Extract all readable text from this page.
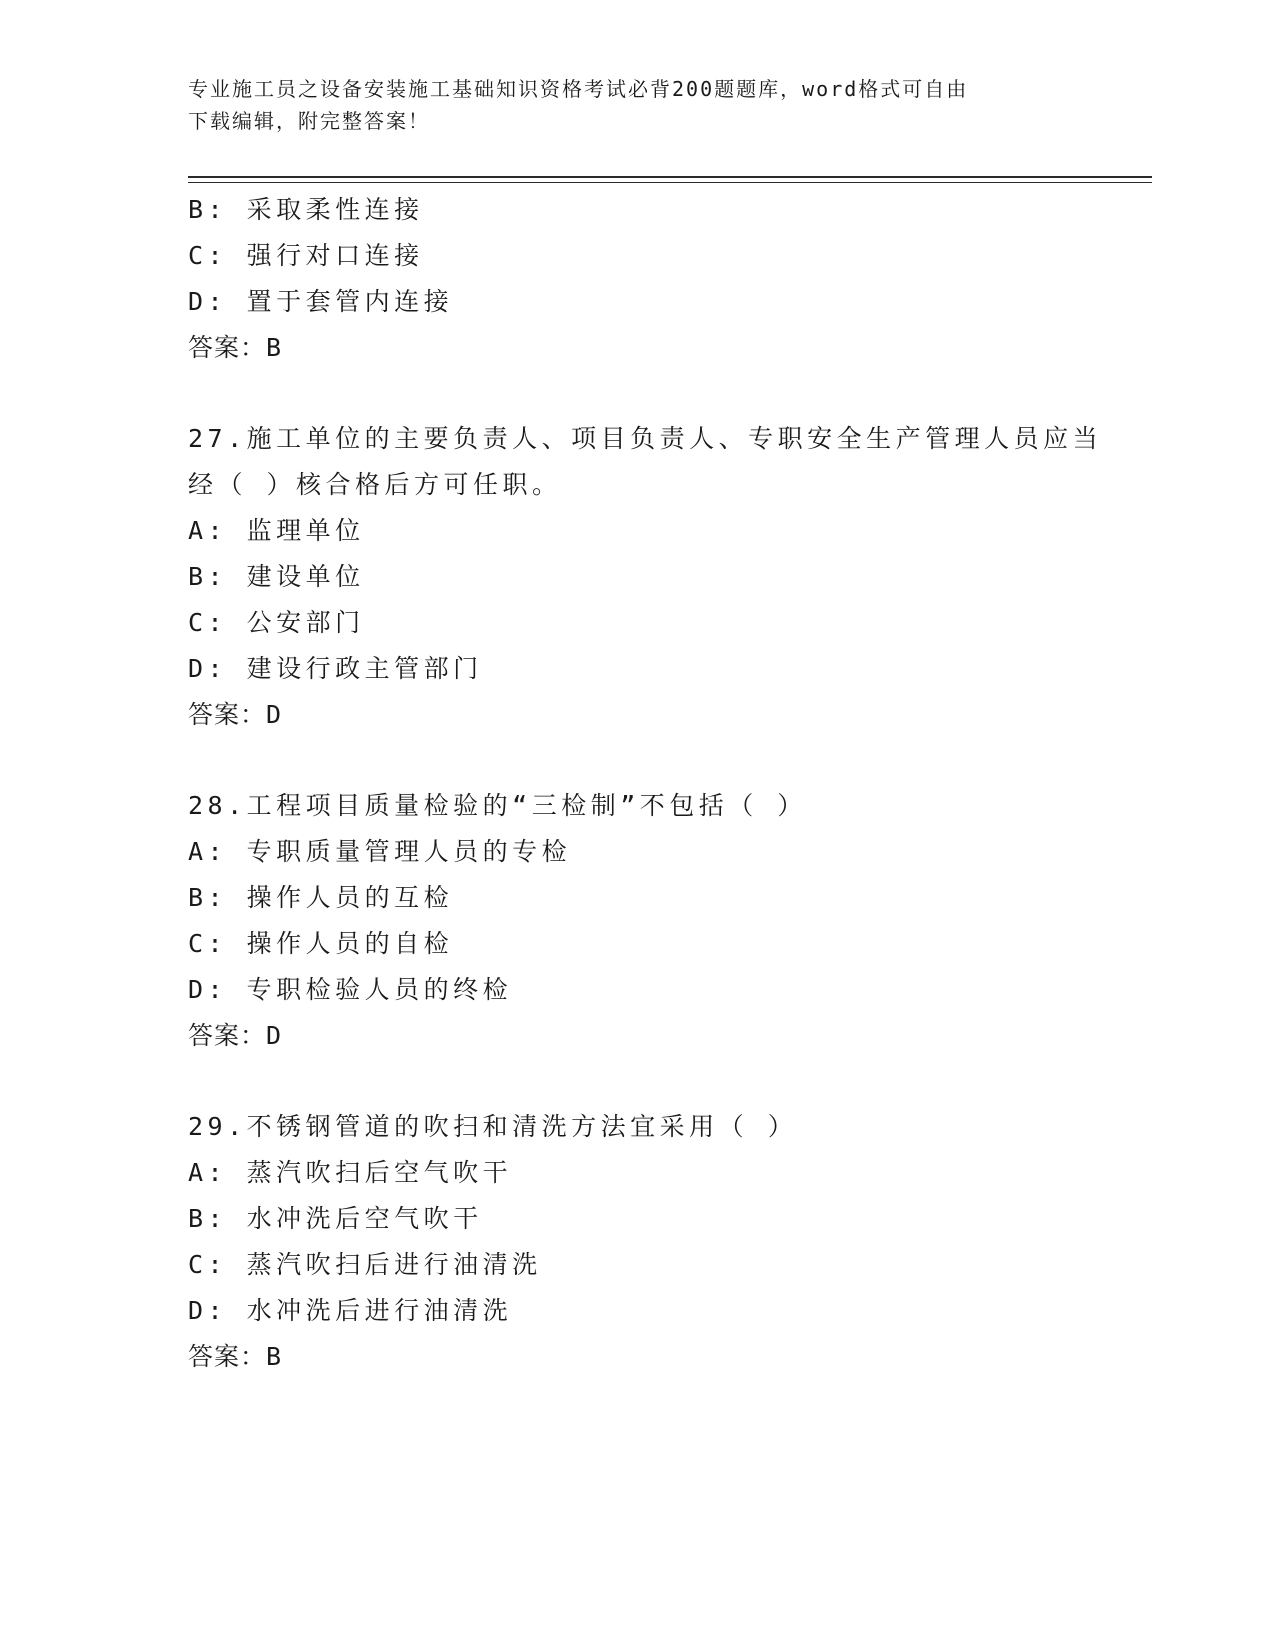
专业施工员之设备安装施工基础知识资格考试必背200题题库，word格式可自由
下载编辑，附完整答案！
B: 采取柔性连接
C: 强行对口连接
D: 置于套管内连接
答案：B
27.施工单位的主要负责人、项目负责人、专职安全生产管理人员应当
经（ ）核合格后方可任职。
A: 监理单位
B: 建设单位
C: 公安部门
D: 建设行政主管部门
答案：D
28.工程项目质量检验的“三检制”不包括（ ）
A: 专职质量管理人员的专检
B: 操作人员的互检
C: 操作人员的自检
D: 专职检验人员的终检
答案：D
29.不锈钢管道的吹扫和清洗方法宜采用（ ）
A: 蒸汽吹扫后空气吹干
B: 水冲洗后空气吹干
C: 蒸汽吹扫后进行油清洗
D: 水冲洗后进行油清洗
答案：B
